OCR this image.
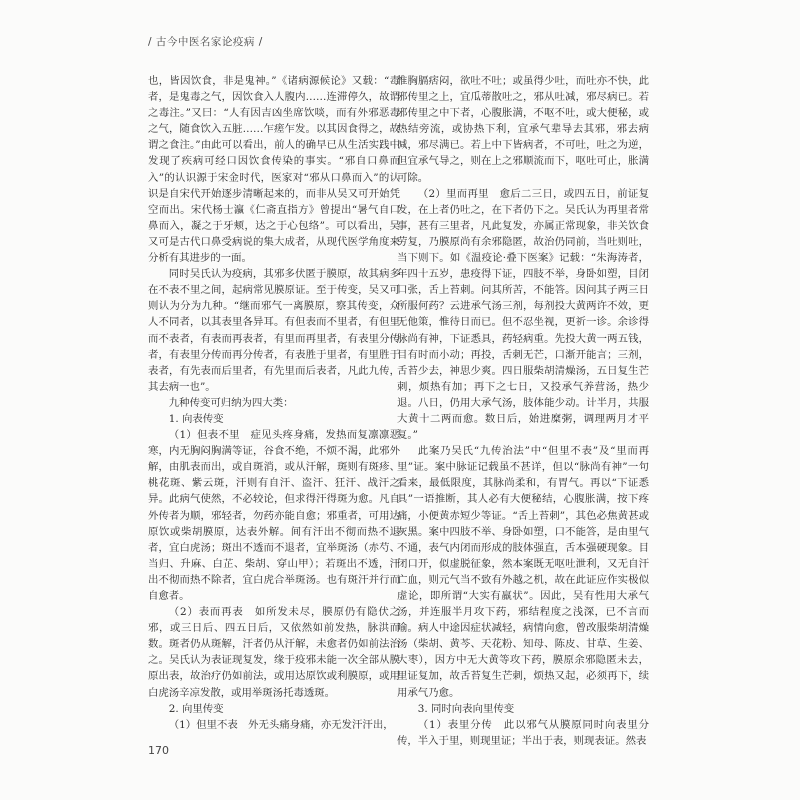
/ 古今中医名家论疫病 /

也，皆因饮食，非是鬼神。”《诸病源候论》又载：“毒者，是鬼毒之气，因饮食入人腹内……连滞停久，故谓之毒注。”又曰：“人有因吉凶坐席饮啖，而有外邪恶毒之气，随食饮入五脏……乍瘥乍发。以其因食得之，故谓之食注。”由此可以看出，前人的确早已从生活实践中发现了疾病可经口因饮食传染的事实。“邪自口鼻而入”的认识源于宋金时代，医家对“邪从口鼻而入”的认识是自宋代开始逐步清晰起来的，而非从吴又可开始凭空而出。宋代杨士瀛《仁斋直指方》曾提出“暑气自口鼻而入，凝之于牙颊，达之于心包络”。可以看出，吴又可是古代口鼻受病说的集大成者，从现代医学角度来分析有其进步的一面。

同时吴氏认为疫病，其邪多伏匿于膜原，故其病多在不表不里之间，起病常见膜原证。至于传变，吴又可则认为分为九种。“继而邪气一离膜原，察其传变，众人不同者，以其表里各异耳。有但表而不里者，有但里而不表者，有表而再表者，有里而再里者，有表里分传者，有表里分传而再分传者，有表胜于里者，有里胜于表者，有先表而后里者，有先里而后表者，凡此九传，其去病一也”。

九种传变可归纳为四大类：

1. 向表传变

（1）但表不里　症见头疼身痛，发热而复凛凛恶寒，内无胸闷胸满等证，谷食不绝，不烦不渴，此邪外解，由肌表而出，或自斑消，或从汗解，斑则有斑疹、桃花斑、紫云斑，汗则有自汗、盗汗、狂汗、战汗之异。此病气使然，不必较论，但求得汗得斑为愈。凡自外传者为顺，邪轻者，勿药亦能自愈；邪重者，可用达原饮或柴胡膜原，达表外解。间有汗出不彻而热不退者，宜白虎汤；斑出不透而不退者，宜举斑汤（赤芍、当归、升麻、白芷、柴胡、穿山甲）；若斑出不透，汗出不彻而热不除者，宜白虎合举斑汤。也有斑汗并行而自愈者。

（2）表而再表　如所发未尽，膜原仍有隐伏之邪，或三日后、四五日后，又依然如前发热，脉洪而数。斑者仍从斑解，汗者仍从汗解，未愈者仍如前法治之。吴氏认为表证现复发，缘于疫邪未能一次全部从膜原出表，故治疗仍如前法，或用达原饮或利膜原，或用白虎汤辛凉发散，或用举斑汤托毒透斑。

2. 向里传变

（1）但里不表　外无头痛身痛，亦无发汗汗出，

惟胸膈痞闷，欲吐不吐；或虽得少吐，而吐亦不快，此邪传里之上，宜瓜蒂散吐之，邪从吐减，邪尽病已。若邪传里之中下者，心腹胀满，不呕不吐，或大便秘，或热结旁流，或协热下利，宜承气辈导去其邪，邪去病减，邪尽满已。若上中下皆病者，不可吐，吐之为逆，但宜承气导之，则在上之邪顺流而下，呕吐可止，胀满可除。

（2）里而再里　愈后二三日，或四五日，前证复发，在上者仍吐之，在下者仍下之。吴氏认为再里者常事，甚有三里者，凡此复发，亦属正常现象，非关饮食劳复，乃膜原尚有余邪隐匿，故治仍同前，当吐则吐，当下则下。如《温疫论·叠下医案》记载：“朱海涛者，年四十五岁，患疫得下证，四肢不举，身卧如塑，目闭口张，舌上苔刺。问其所苦，不能答。因问其子两三日所服何药？云进承气汤三剂，每剂投大黄两许不效，更无他策，惟待日而已。但不忍坐视，更祈一诊。余诊得脉尚有神，下证悉具，药轻病重。先投大黄一两五钱，目有时而小动；再投，舌刺无芒，口渐开能言；三剂，舌苔少去，神思少爽。四日服柴胡清燥汤，五日复生芒刺，烦热有加；再下之七日，又投承气养营汤，热少退。八日，仍用大承气汤，肢体能少动。计半月，共服大黄十二两而愈。数日后，始进糜粥，调理两月才平复。”

此案乃吴氏“九传治法”中“但里不表”及“里而再里”证。案中脉证记载虽不甚详，但以“脉尚有神”一句看来，最低限度，其脉尚柔和，有胃气。再以“下证悉具”一语推断，其人必有大便秘结，心腹胀满，按下疼痛，小便黄赤短少等证。“舌上苔刺”，其色必焦黄甚或灰黑。案中四肢不举、身卧如塑，口不能答，是由里气不通，表气内闭而形成的肢体强直，舌本强硬现象。目闭口开，似虚脱征象，然本案既无呕吐泄利，又无自汗亡血，则元气当不致有外越之机，故在此证应作实极似虚论，即所谓“大实有羸状”。因此，吴有性用大承气汤，并连服半月攻下药，邪结程度之浅深，已不言而喻。病人中途因症状减轻，病情向愈，曾改服柴胡清燥汤（柴胡、黄芩、天花粉、知母、陈皮、甘草、生姜、大枣），因方中无大黄等攻下药，膜原余邪隐匿未去，里证复加，故舌苔复生芒刺，烦热又起，必须再下，续用承气乃愈。

3. 同时向表向里传变

（1）表里分传　此以邪气从膜原同时向表里分传，半入于里，则现里证；半出于表，则现表证。然表

170
